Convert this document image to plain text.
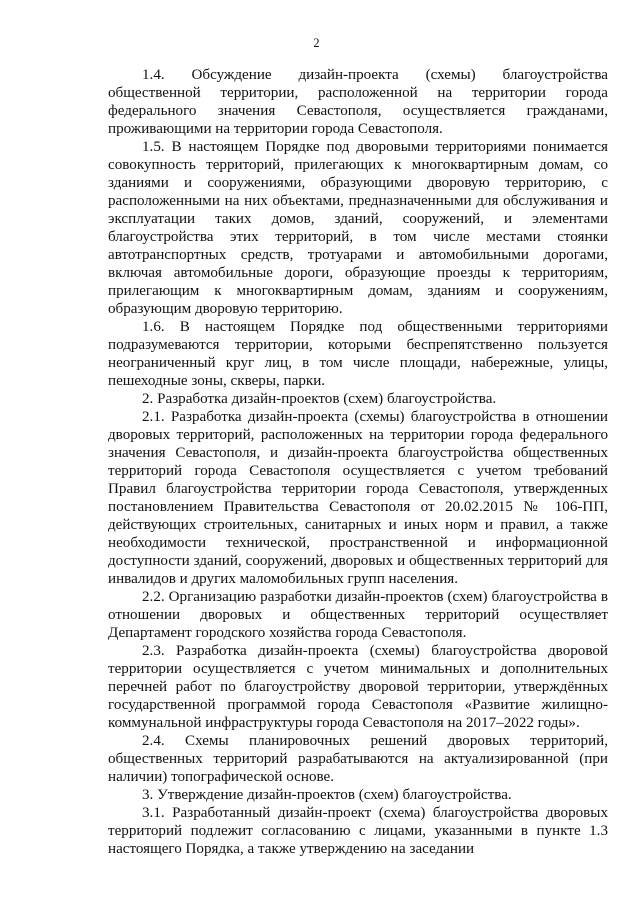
2

1.4. Обсуждение дизайн-проекта (схемы) благоустройства общественной территории, расположенной на территории города федерального значения Севастополя, осуществляется гражданами, проживающими на территории города Севастополя.

1.5. В настоящем Порядке под дворовыми территориями понимается совокупность территорий, прилегающих к многоквартирным домам, со зданиями и сооружениями, образующими дворовую территорию, с расположенными на них объектами, предназначенными для обслуживания и эксплуатации таких домов, зданий, сооружений, и элементами благоустройства этих территорий, в том числе местами стоянки автотранспортных средств, тротуарами и автомобильными дорогами, включая автомобильные дороги, образующие проезды к территориям, прилегающим к многоквартирным домам, зданиям и сооружениям, образующим дворовую территорию.

1.6. В настоящем Порядке под общественными территориями подразумеваются территории, которыми беспрепятственно пользуется неограниченный круг лиц, в том числе площади, набережные, улицы, пешеходные зоны, скверы, парки.

2. Разработка дизайн-проектов (схем) благоустройства.

2.1. Разработка дизайн-проекта (схемы) благоустройства в отношении дворовых территорий, расположенных на территории города федерального значения Севастополя, и дизайн-проекта благоустройства общественных территорий города Севастополя осуществляется с учетом требований Правил благоустройства территории города Севастополя, утвержденных постановлением Правительства Севастополя от 20.02.2015 № 106-ПП, действующих строительных, санитарных и иных норм и правил, а также необходимости технической, пространственной и информационной доступности зданий, сооружений, дворовых и общественных территорий для инвалидов и других маломобильных групп населения.

2.2. Организацию разработки дизайн-проектов (схем) благоустройства в отношении дворовых и общественных территорий осуществляет Департамент городского хозяйства города Севастополя.

2.3. Разработка дизайн-проекта (схемы) благоустройства дворовой территории осуществляется с учетом минимальных и дополнительных перечней работ по благоустройству дворовой территории, утверждённых государственной программой города Севастополя «Развитие жилищно-коммунальной инфраструктуры города Севастополя на 2017–2022 годы».

2.4. Схемы планировочных решений дворовых территорий, общественных территорий разрабатываются на актуализированной (при наличии) топографической основе.

3. Утверждение дизайн-проектов (схем) благоустройства.

3.1. Разработанный дизайн-проект (схема) благоустройства дворовых территорий подлежит согласованию с лицами, указанными в пункте 1.3 настоящего Порядка, а также утверждению на заседании
